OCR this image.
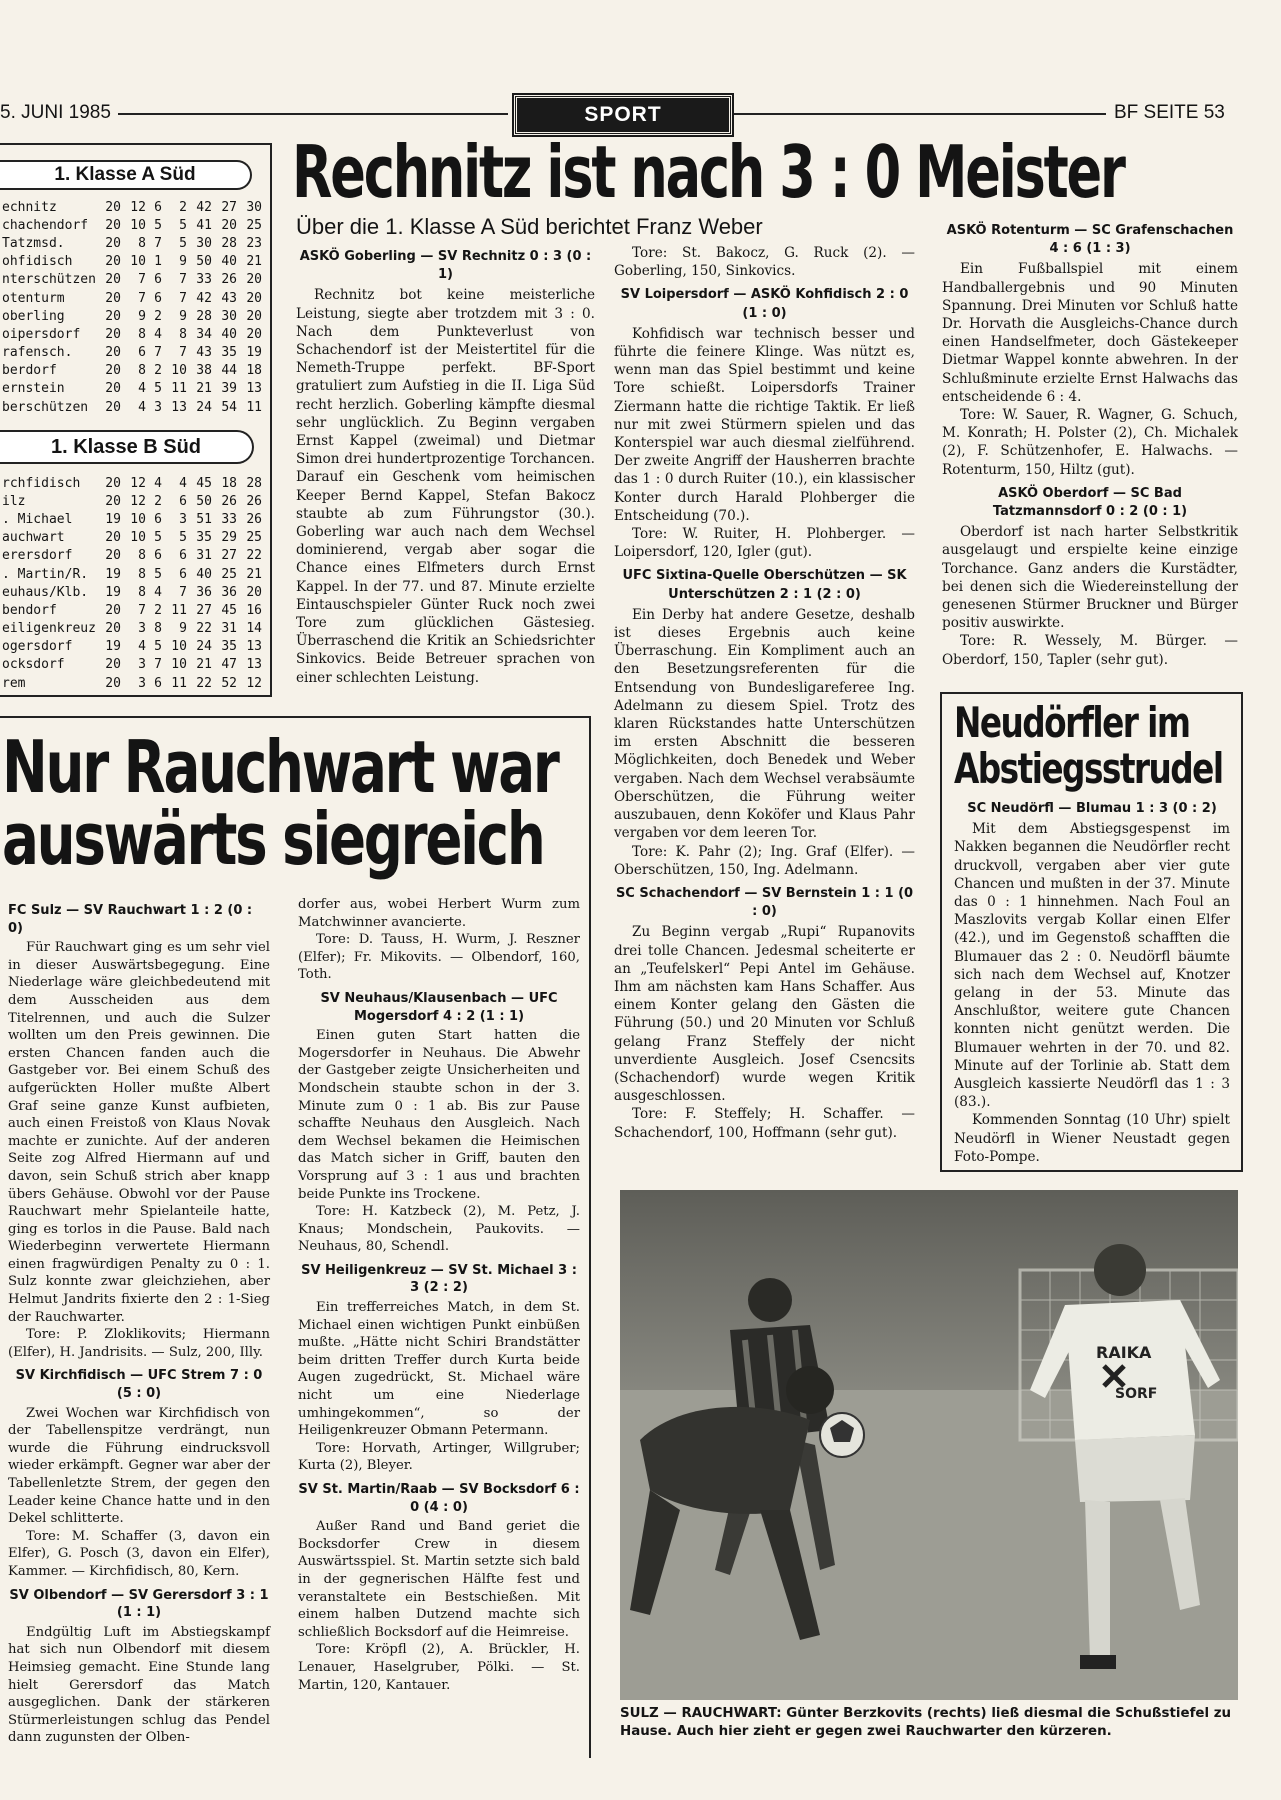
5. JUNI 1985	SPORT	BF SEITE 53
1. Klasse A Süd
echnitz	20	12	6	2	42	27	30
chachendorf	20	10	5	5	41	20	25
Tatzmsd.	20	8	7	5	30	28	23
ohfidisch	20	10	1	9	50	40	21
nterschützen	20	7	6	7	33	26	20
otenturm	20	7	6	7	42	43	20
oberling	20	9	2	9	28	30	20
oipersdorf	20	8	4	8	34	40	20
rafensch.	20	6	7	7	43	35	19
berdorf	20	8	2	10	38	44	18
ernstein	20	4	5	11	21	39	13
berschützen	20	4	3	13	24	54	11
1. Klasse B Süd
rchfidisch	20	12	4	4	45	18	28
ilz	20	12	2	6	50	26	26
. Michael	19	10	6	3	51	33	26
auchwart	20	10	5	5	35	29	25
erersdorf	20	8	6	6	31	27	22
. Martin/R.	19	8	5	6	40	25	21
euhaus/Klb.	19	8	4	7	36	36	20
bendorf	20	7	2	11	27	45	16
eiligenkreuz	20	3	8	9	22	31	14
ogersdorf	19	4	5	10	24	35	13
ocksdorf	20	3	7	10	21	47	13
rem	20	3	6	11	22	52	12
Rechnitz ist nach 3 : 0 Meister
Über die 1. Klasse A Süd berichtet Franz Weber
ASKÖ Goberling — SV Rechnitz 0 : 3 (0 : 1)

Rechnitz bot keine meisterliche Leistung, siegte aber trotzdem mit 3 : 0. Nach dem Punkteverlust von Schachendorf ist der Meistertitel für die Nemeth-Truppe perfekt. BF-Sport gratuliert zum Aufstieg in die II. Liga Süd recht herzlich. Goberling kämpfte diesmal sehr unglücklich. Zu Beginn vergaben Ernst Kappel (zweimal) und Dietmar Simon drei hundertprozentige Torchancen. Darauf ein Geschenk vom heimischen Keeper Bernd Kappel, Stefan Bakocz staubte ab zum Führungstor (30.). Goberling war auch nach dem Wechsel dominierend, vergab aber sogar die Chance eines Elfmeters durch Ernst Kappel. In der 77. und 87. Minute erzielte Eintauschspieler Günter Ruck noch zwei Tore zum glücklichen Gästesieg. Überraschend die Kritik an Schiedsrichter Sinkovics. Beide Betreuer sprachen von einer schlechten Leistung.

Tore: St. Bakocz, G. Ruck (2). — Goberling, 150, Sinkovics.

SV Loipersdorf — ASKÖ Kohfidisch 2 : 0 (1 : 0)

Kohfidisch war technisch besser und führte die feinere Klinge. Was nützt es, wenn man das Spiel bestimmt und keine Tore schießt. Loipersdorfs Trainer Ziermann hatte die richtige Taktik. Er ließ nur mit zwei Stürmern spielen und das Konterspiel war auch diesmal zielführend. Der zweite Angriff der Hausherren brachte das 1 : 0 durch Ruiter (10.), ein klassischer Konter durch Harald Plohberger die Entscheidung (70.).

Tore: W. Ruiter, H. Plohberger. — Loipersdorf, 120, Igler (gut).

UFC Sixtina-Quelle Oberschützen — SK Unterschützen 2 : 1 (2 : 0)

Ein Derby hat andere Gesetze, deshalb ist dieses Ergebnis auch keine Überraschung. Ein Kompliment auch an den Besetzungsreferenten für die Entsendung von Bundesligareferee Ing. Adelmann zu diesem Spiel. Trotz des klaren Rückstandes hatte Unterschützen im ersten Abschnitt die besseren Möglichkeiten, doch Benedek und Weber vergaben. Nach dem Wechsel verabsäumte Oberschützen, die Führung weiter auszubauen, denn Koköfer und Klaus Pahr vergaben vor dem leeren Tor.

Tore: K. Pahr (2); Ing. Graf (Elfer). — Oberschützen, 150, Ing. Adelmann.

SC Schachendorf — SV Bernstein 1 : 1 (0 : 0)

Zu Beginn vergab „Rupi“ Rupanovits drei tolle Chancen. Jedesmal scheiterte er an „Teufelskerl“ Pepi Antel im Gehäuse. Ihm am nächsten kam Hans Schaffer. Aus einem Konter gelang den Gästen die Führung (50.) und 20 Minuten vor Schluß gelang Franz Steffely der nicht unverdiente Ausgleich. Josef Csencsits (Schachendorf) wurde wegen Kritik ausgeschlossen.

Tore: F. Steffely; H. Schaffer. — Schachendorf, 100, Hoffmann (sehr gut).

ASKÖ Rotenturm — SC Grafenschachen 4 : 6 (1 : 3)

Ein Fußballspiel mit einem Handballergebnis und 90 Minuten Spannung. Drei Minuten vor Schluß hatte Dr. Horvath die Ausgleichs-Chance durch einen Handselfmeter, doch Gästekeeper Dietmar Wappel konnte abwehren. In der Schlußminute erzielte Ernst Halwachs das entscheidende 6 : 4.

Tore: W. Sauer, R. Wagner, G. Schuch, M. Konrath; H. Polster (2), Ch. Michalek (2), F. Schützenhofer, E. Halwachs. — Rotenturm, 150, Hiltz (gut).

ASKÖ Oberdorf — SC Bad Tatzmannsdorf 0 : 2 (0 : 1)

Oberdorf ist nach harter Selbstkritik ausgelaugt und erspielte keine einzige Torchance. Ganz anders die Kurstädter, bei denen sich die Wiedereinstellung der genesenen Stürmer Bruckner und Bürger positiv auswirkte.

Tore: R. Wessely, M. Bürger. — Oberdorf, 150, Tapler (sehr gut).

Neudörfler im
Abstiegsstrudel
SC Neudörfl — Blumau 1 : 3 (0 : 2)

Mit dem Abstiegsgespenst im Nakken begannen die Neudörfler recht druckvoll, vergaben aber vier gute Chancen und mußten in der 37. Minute das 0 : 1 hinnehmen. Nach Foul an Maszlovits vergab Kollar einen Elfer (42.), und im Gegenstoß schafften die Blumauer das 2 : 0. Neudörfl bäumte sich nach dem Wechsel auf, Knotzer gelang in der 53. Minute das Anschlußtor, weitere gute Chancen konnten nicht genützt werden. Die Blumauer wehrten in der 70. und 82. Minute auf der Torlinie ab. Statt dem Ausgleich kassierte Neudörfl das 1 : 3 (83.).

Kommenden Sonntag (10 Uhr) spielt Neudörfl in Wiener Neustadt gegen Foto-Pompe.

Nur Rauchwart war
auswärts siegreich
FC Sulz — SV Rauchwart 1 : 2 (0 : 0)

Für Rauchwart ging es um sehr viel in dieser Auswärtsbegegung. Eine Niederlage wäre gleichbedeutend mit dem Ausscheiden aus dem Titelrennen, und auch die Sulzer wollten um den Preis gewinnen. Die ersten Chancen fanden auch die Gastgeber vor. Bei einem Schuß des aufgerückten Holler mußte Albert Graf seine ganze Kunst aufbieten, auch einen Freistoß von Klaus Novak machte er zunichte. Auf der anderen Seite zog Alfred Hiermann auf und davon, sein Schuß strich aber knapp übers Gehäuse. Obwohl vor der Pause Rauchwart mehr Spielanteile hatte, ging es torlos in die Pause. Bald nach Wiederbeginn verwertete Hiermann einen fragwürdigen Penalty zu 0 : 1. Sulz konnte zwar gleichziehen, aber Helmut Jandrits fixierte den 2 : 1-Sieg der Rauchwarter.

Tore: P. Zloklikovits; Hiermann (Elfer), H. Jandrisits. — Sulz, 200, Illy.

SV Kirchfidisch — UFC Strem 7 : 0 (5 : 0)

Zwei Wochen war Kirchfidisch von der Tabellenspitze verdrängt, nun wurde die Führung eindrucksvoll wieder erkämpft. Gegner war aber der Tabellenletzte Strem, der gegen den Leader keine Chance hatte und in den Dekel schlitterte.

Tore: M. Schaffer (3, davon ein Elfer), G. Posch (3, davon ein Elfer), Kammer. — Kirchfidisch, 80, Kern.

SV Olbendorf — SV Gerersdorf 3 : 1 (1 : 1)

Endgültig Luft im Abstiegskampf hat sich nun Olbendorf mit diesem Heimsieg gemacht. Eine Stunde lang hielt Gerersdorf das Match ausgeglichen. Dank der stärkeren Stürmerleistungen schlug das Pendel dann zugunsten der Olben-

dorfer aus, wobei Herbert Wurm zum Matchwinner avancierte.

Tore: D. Tauss, H. Wurm, J. Reszner (Elfer); Fr. Mikovits. — Olbendorf, 160, Toth.

SV Neuhaus/Klausenbach — UFC Mogersdorf 4 : 2 (1 : 1)

Einen guten Start hatten die Mogersdorfer in Neuhaus. Die Abwehr der Gastgeber zeigte Unsicherheiten und Mondschein staubte schon in der 3. Minute zum 0 : 1 ab. Bis zur Pause schaffte Neuhaus den Ausgleich. Nach dem Wechsel bekamen die Heimischen das Match sicher in Griff, bauten den Vorsprung auf 3 : 1 aus und brachten beide Punkte ins Trockene.

Tore: H. Katzbeck (2), M. Petz, J. Knaus; Mondschein, Paukovits. — Neuhaus, 80, Schendl.

SV Heiligenkreuz — SV St. Michael 3 : 3 (2 : 2)

Ein trefferreiches Match, in dem St. Michael einen wichtigen Punkt einbüßen mußte. „Hätte nicht Schiri Brandstätter beim dritten Treffer durch Kurta beide Augen zugedrückt, St. Michael wäre nicht um eine Niederlage umhingekommen“, so der Heiligenkreuzer Obmann Petermann.

Tore: Horvath, Artinger, Willgruber; Kurta (2), Bleyer.

SV St. Martin/Raab — SV Bocksdorf 6 : 0 (4 : 0)

Außer Rand und Band geriet die Bocksdorfer Crew in diesem Auswärtsspiel. St. Martin setzte sich bald in der gegnerischen Hälfte fest und veranstaltete ein Bestschießen. Mit einem halben Dutzend machte sich schließlich Bocksdorf auf die Heimreise.

Tore: Kröpfl (2), A. Brückler, H. Lenauer, Haselgruber, Pölki. — St. Martin, 120, Kantauer.

RAIKA
SORF
SULZ — RAUCHWART: Günter Berzkovits (rechts) ließ diesmal die Schußstiefel zu Hause. Auch hier zieht er gegen zwei Rauchwarter den kürzeren.
